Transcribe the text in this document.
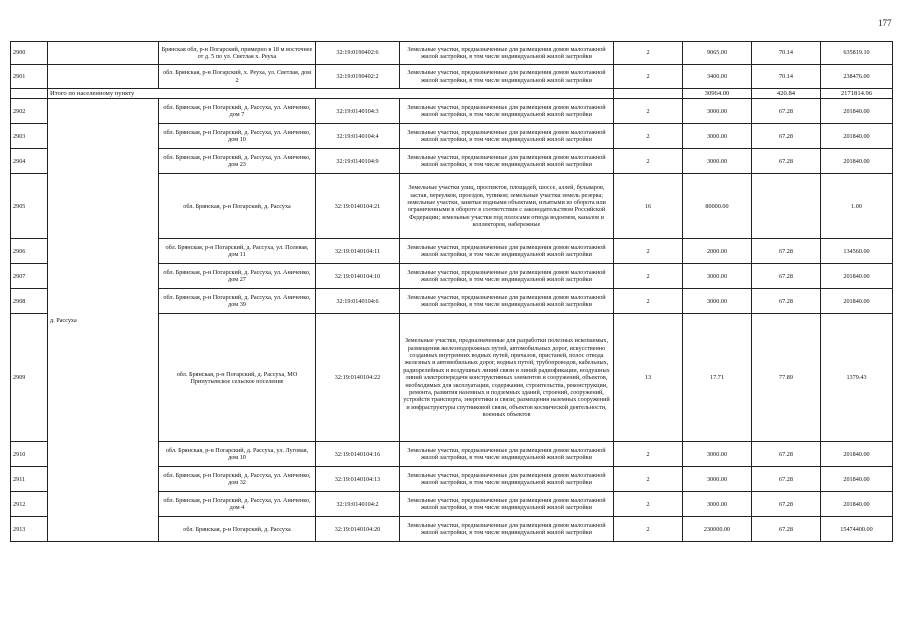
177
2900		Брянская обл, р-н Погарский, примерно в 18 м восточнее от д. 5 по ул. Светлая х. Реуха	32:19:0190402:6	Земельные участки, предназначенные для размещения домов малоэтажной жилой застройки, в том числе индивидуальной жилой застройки	2	9065.00	70.14	635819.10
2901		обл. Брянская, р-н Погарский, х. Реуха, ул. Светлая, дом 2	32:19:0190402:2	Земельные участки, предназначенные для размещения домов малоэтажной жилой застройки, в том числе индивидуальной жилой застройки	2	3400.00	70.14	238476.00
	Итого по населенному пункту					30964.00	420.84	2171814.96
2902	д. Рассуха	обл. Брянская, р-н Погарский, д. Рассуха, ул. Аниченко, дом 7	32:19:0140104:3	Земельные участки, предназначенные для размещения домов малоэтажной жилой застройки, в том числе индивидуальной жилой застройки	2	3000.00	67.28	201840.00
2903		обл. Брянская, р-н Погарский, д. Рассуха, ул. Аниченко, дом 10	32:19:0140104:4	Земельные участки, предназначенные для размещения домов малоэтажной жилой застройки, в том числе индивидуальной жилой застройки	2	3000.00	67.28	201840.00
2904		обл. Брянская, р-н Погарский, д. Рассуха, ул. Аниченко, дом 23	32:19:0140104:9	Земельные участки, предназначенные для размещения домов малоэтажной жилой застройки, в том числе индивидуальной жилой застройки	2	3000.00	67.28	201840.00
2905		обл. Брянская, р-н Погарский, д. Рассуха	32:19:0140104:21	Земельные участки улиц, проспектов, площадей, шоссе, аллей, бульваров, застав, переулков, проездов, тупиков; земельные участки земель резерва; земельные участки, занятые водными объектами, изъятыми из оборота или ограниченными в обороте в соответствии с законодательством Российской Федерации; земельные участки под полосами отвода водоемов, каналов и коллекторов, набережные	16	80000.00		1.00
2906		обл. Брянская, р-н Погарский, д. Рассуха, ул. Полевая, дом 11	32:19:0140104:11	Земельные участки, предназначенные для размещения домов малоэтажной жилой застройки, в том числе индивидуальной жилой застройки	2	2000.00	67.28	134560.00
2907		обл. Брянская, р-н Погарский, д. Рассуха, ул. Аниченко, дом 27	32:19:0140104:10	Земельные участки, предназначенные для размещения домов малоэтажной жилой застройки, в том числе индивидуальной жилой застройки	2	3000.00	67.28	201840.00
2908		обл. Брянская, р-н Погарский, д. Рассуха, ул. Аниченко, дом 39	32:19:0140104:6	Земельные участки, предназначенные для размещения домов малоэтажной жилой застройки, в том числе индивидуальной жилой застройки	2	3000.00	67.28	201840.00
2909		обл. Брянская, р-н Погарский, д. Рассуха, МО Припутьевское сельское поселение	32:19:0140104:22	Земельные участки, предназначенные для разработки полезных ископаемых, размещения железнодорожных путей, автомобильных дорог, искусственно созданных внутренних водных путей, причалов, пристаней, полос отвода железных и автомобильных дорог, водных путей, трубопроводов, кабельных, радиорелейных и воздушных линий связи и линий радиофикации, воздушных линий электропередачи конструктивных элементов и сооружений, объектов, необходимых для эксплуатации, содержания, строительства, реконструкции, ремонта, развития наземных и подземных зданий, строений, сооружений, устройств транспорта, энергетики и связи; размещения наземных сооружений и инфраструктуры спутниковой связи, объектов космической деятельности, военных объектов	13	17.71	77.89	1379.43
2910		обл. Брянская, р-н Погарский, д. Рассуха, ул. Луговая, дом 10	32:19:0140104:16	Земельные участки, предназначенные для размещения домов малоэтажной жилой застройки, в том числе индивидуальной жилой застройки	2	3000.00	67.28	201840.00
2911		обл. Брянская, р-н Погарский, д. Рассуха, ул. Аниченко, дом 32	32:19:0140104:13	Земельные участки, предназначенные для размещения домов малоэтажной жилой застройки, в том числе индивидуальной жилой застройки	2	3000.00	67.28	201840.00
2912		обл. Брянская, р-н Погарский, д. Рассуха, ул. Аниченко, дом 4	32:19:0140104:2	Земельные участки, предназначенные для размещения домов малоэтажной жилой застройки, в том числе индивидуальной жилой застройки	2	3000.00	67.28	201840.00
2913		обл. Брянская, р-н Погарский, д. Рассуха	32:19:0140104:20	Земельные участки, предназначенные для размещения домов малоэтажной жилой застройки, в том числе индивидуальной жилой застройки	2	230000.00	67.28	15474400.00
